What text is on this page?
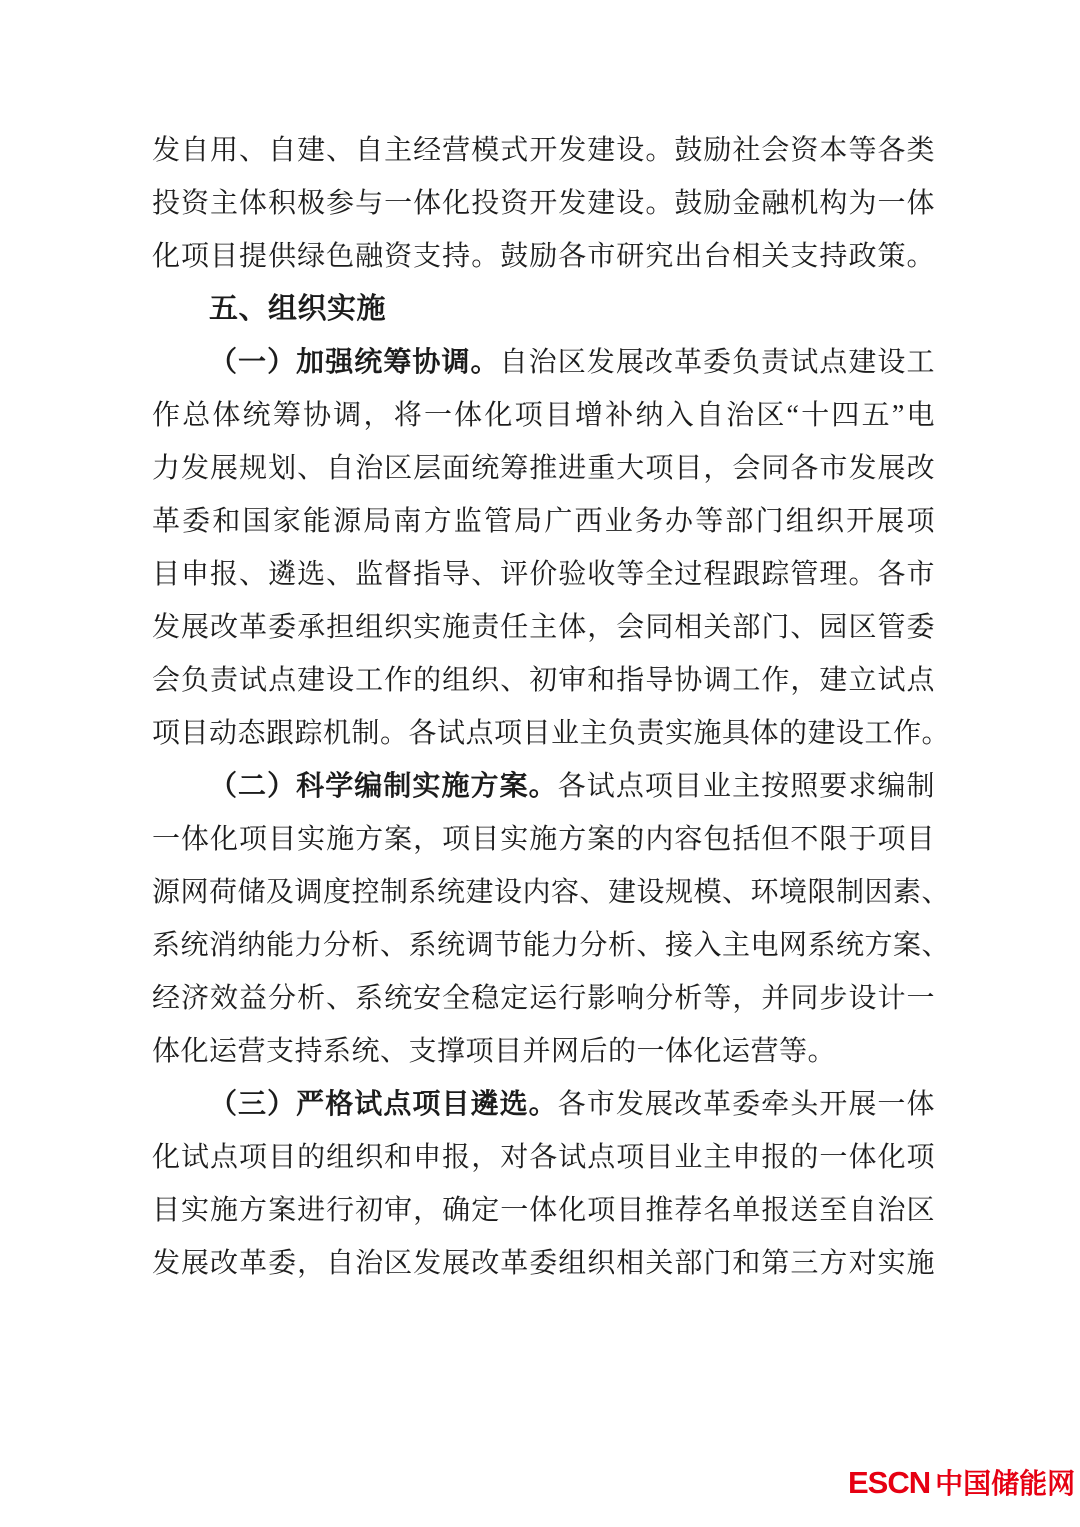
发自用、自建、自主经营模式开发建设。鼓励社会资本等各类
投资主体积极参与一体化投资开发建设。鼓励金融机构为一体
化项目提供绿色融资支持。鼓励各市研究出台相关支持政策。
五、组织实施
（一）加强统筹协调。自治区发展改革委负责试点建设工
作总体统筹协调，将一体化项目增补纳入自治区“十四五”电
力发展规划、自治区层面统筹推进重大项目，会同各市发展改
革委和国家能源局南方监管局广西业务办等部门组织开展项
目申报、遴选、监督指导、评价验收等全过程跟踪管理。各市
发展改革委承担组织实施责任主体，会同相关部门、园区管委
会负责试点建设工作的组织、初审和指导协调工作，建立试点
项目动态跟踪机制。各试点项目业主负责实施具体的建设工作。
（二）科学编制实施方案。各试点项目业主按照要求编制
一体化项目实施方案，项目实施方案的内容包括但不限于项目
源网荷储及调度控制系统建设内容、建设规模、环境限制因素、
系统消纳能力分析、系统调节能力分析、接入主电网系统方案、
经济效益分析、系统安全稳定运行影响分析等，并同步设计一
体化运营支持系统、支撑项目并网后的一体化运营等。
（三）严格试点项目遴选。各市发展改革委牵头开展一体
化试点项目的组织和申报，对各试点项目业主申报的一体化项
目实施方案进行初审，确定一体化项目推荐名单报送至自治区
发展改革委，自治区发展改革委组织相关部门和第三方对实施
ESCN 中国储能网
